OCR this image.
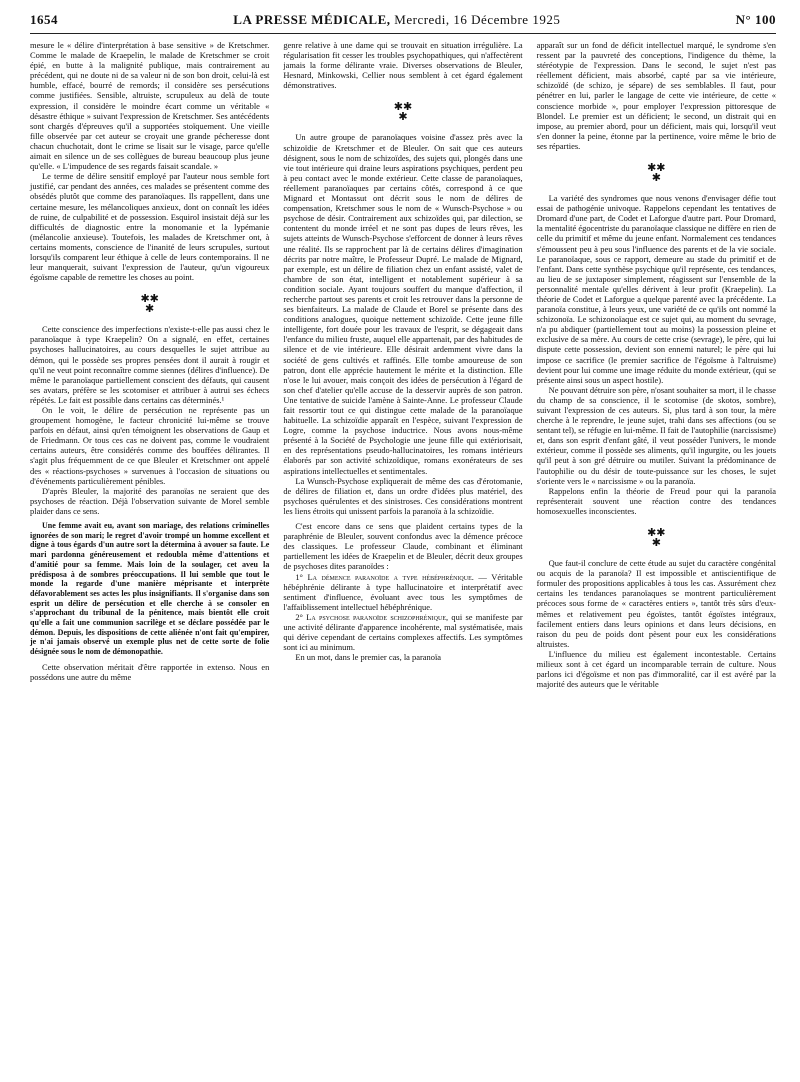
1654	LA PRESSE MÉDICALE, Mercredi, 16 Décembre 1925	N° 100

mesure le « délire d'interprétation à base sensitive » de Kretschmer. Comme le malade de Kraepelin, le malade de Kretschmer se croit épié, en butte à la malignité publique, mais contrairement au précédent, qui ne doute ni de sa valeur ni de son bon droit, celui-là est humble, effacé, bourré de remords; il considère ses persécutions comme justifiées. Sensible, altruiste, scrupuleux au delà de toute expression, il considère le moindre écart comme un véritable « désastre éthique » suivant l'expression de Kretschmer. Ses antécédents sont chargés d'épreuves qu'il a supportées stoïquement. Une vieille fille observée par cet auteur se croyait une grande pécheresse dont chacun chuchotait, dont le crime se lisait sur le visage, parce qu'elle aimait en silence un de ses collègues de bureau beaucoup plus jeune qu'elle. « L'impudence de ses regards faisait scandale. »

Le terme de délire sensitif employé par l'auteur nous semble fort justifié, car pendant des années, ces malades se présentent comme des obsédés plutôt que comme des paranoïaques. Ils rappellent, dans une certaine mesure, les mélancoliques anxieux, dont on connaît les idées de ruine, de culpabilité et de possession. Esquirol insistait déjà sur les difficultés de diagnostic entre la monomanie et la lypémanie (mélancolie anxieuse). Toutefois, les malades de Kretschmer ont, à certains moments, conscience de l'inanité de leurs scrupules, surtout lorsqu'ils comparent leur éthique à celle de leurs contemporains. Il ne leur manquerait, suivant l'expression de l'auteur, qu'un vigoureux égoïsme capable de remettre les choses au point.

✱✱
✱

Cette conscience des imperfections n'existe-t-elle pas aussi chez le paranoïaque à type Kraepelin? On a signalé, en effet, certaines psychoses hallucinatoires, au cours desquelles le sujet attribue au démon, qui le possède ses propres pensées dont il aurait à rougir et qu'il ne veut point reconnaître comme siennes (délires d'influence). De même le paranoïaque partiellement conscient des défauts, qui causent ses avatars, préfère se les scotomiser et attribuer à autrui ses échecs répétés. Le fait est possible dans certains cas déterminés.¹

On le voit, le délire de persécution ne représente pas un groupement homogène, le facteur chronicité lui-même se trouve parfois en défaut, ainsi qu'en témoignent les observations de Gaup et de Friedmann. Or tous ces cas ne doivent pas, comme le voudraient certains auteurs, être considérés comme des bouffées délirantes. Il s'agit plus fréquemment de ce que Bleuler et Kretschmer ont appelé des « réactions-psychoses » survenues à l'occasion de situations ou d'événements particulièrement pénibles.

D'après Bleuler, la majorité des paranoïas ne seraient que des psychoses de réaction. Déjà l'observation suivante de Morel semble plaider dans ce sens.

Une femme avait eu, avant son mariage, des relations criminelles ignorées de son mari; le regret d'avoir trompé un homme excellent et digne à tous égards d'un autre sort la détermina à avouer sa faute. Le mari pardonna généreusement et redoubla même d'attentions et d'amitié pour sa femme. Mais loin de la soulager, cet aveu la prédisposa à de sombres préoccupations. Il lui semble que tout le monde la regarde d'une manière méprisante et interprète défavorablement ses actes les plus insignifiants. Il s'organise dans son esprit un délire de persécution et elle cherche à se consoler en s'approchant du tribunal de la pénitence, mais bientôt elle croit qu'elle a fait une communion sacrilège et se déclare possédée par le démon. Depuis, les dispositions de cette aliénée n'ont fait qu'empirer, je n'ai jamais observé un exemple plus net de cette sorte de folie désignée sous le nom de démonopathie.

Cette observation méritait d'être rapportée in extenso. Nous en possédons une autre du même

genre relative à une dame qui se trouvait en situation irrégulière. La régularisation fit cesser les troubles psychopathiques, qui n'affectèrent jamais la forme délirante vraie. Diverses observations de Bleuler, Hesnard, Minkowski, Cellier nous semblent à cet égard également démonstratives.

✱✱
✱

Un autre groupe de paranoïaques voisine d'assez près avec la schizoïdie de Kretschmer et de Bleuler. On sait que ces auteurs désignent, sous le nom de schizoïdes, des sujets qui, plongés dans une vie tout intérieure qui draine leurs aspirations psychiques, perdent peu à peu contact avec le monde extérieur. Cette classe de paranoïaques, réellement paranoïaques par certains côtés, correspond à ce que Mignard et Montassut ont décrit sous le nom de délires de compensation, Kretschmer sous le nom de « Wunsch-Psychose » ou psychose de désir. Contrairement aux schizoïdes qui, par dilection, se contentent du monde irréel et ne sont pas dupes de leurs rêves, les sujets atteints de Wunsch-Psychose s'efforcent de donner à leurs rêves une réalité. Ils se rapprochent par là de certains délires d'imagination décrits par notre maître, le Professeur Dupré. Le malade de Mignard, par exemple, est un délire de filiation chez un enfant assisté, valet de chambre de son état, intelligent et notablement supérieur à sa condition sociale. Ayant toujours souffert du manque d'affection, il recherche partout ses parents et croit les retrouver dans la personne de ses bienfaiteurs. La malade de Claude et Borel se présente dans des conditions analogues, quoique nettement schizoïde. Cette jeune fille intelligente, fort douée pour les travaux de l'esprit, se dégageait dans l'enfance du milieu fruste, auquel elle appartenait, par des habitudes de silence et de vie intérieure. Elle désirait ardemment vivre dans la société de gens cultivés et raffinés. Elle tombe amoureuse de son patron, dont elle apprécie hautement le mérite et la distinction. Elle n'ose le lui avouer, mais conçoit des idées de persécution à l'égard de son chef d'atelier qu'elle accuse de la desservir auprès de son patron. Une tentative de suicide l'amène à Sainte-Anne. Le professeur Claude fait ressortir tout ce qui distingue cette malade de la paranoïaque habituelle. La schizoïdie apparaît en l'espèce, suivant l'expression de Logre, comme la psychose inductrice. Nous avons nous-même présenté à la Société de Psychologie une jeune fille qui extériorisait, en des représentations pseudo-hallucinatoires, les romans intérieurs élaborés par son activité schizoïdique, romans exonérateurs de ses aspirations intellectuelles et sentimentales.

La Wunsch-Psychose expliquerait de même des cas d'érotomanie, de délires de filiation et, dans un ordre d'idées plus matériel, des psychoses quérulentes et des sinistroses. Ces considérations montrent les liens étroits qui unissent parfois la paranoïa à la schizoïdie.

C'est encore dans ce sens que plaident certains types de la paraphrénie de Bleuler, souvent confondus avec la démence précoce des classiques. Le professeur Claude, combinant et éliminant partiellement les idées de Kraepelin et de Bleuler, décrit deux groupes de psychoses dites paranoïdes :

1° La démence paranoïde a type hébéphrénique. — Véritable hébéphrénie délirante à type hallucinatoire et interprétatif avec sentiment d'influence, évoluant avec tous les symptômes de l'affaiblissement intellectuel hébéphrénique.

2° La psychose paranoïde schizophrénique, qui se manifeste par une activité délirante d'apparence incohérente, mal systématisée, mais qui dérive cependant de certains complexes affectifs. Les symptômes sont ici au minimum.

En un mot, dans le premier cas, la paranoïa

apparaît sur un fond de déficit intellectuel marqué, le syndrome s'en ressent par la pauvreté des conceptions, l'indigence du thème, la stéréotypie de l'expression. Dans le second, le sujet n'est pas réellement déficient, mais absorbé, capté par sa vie intérieure, schizoïdé (de schizo, je sépare) de ses semblables. Il faut, pour pénétrer en lui, parler le langage de cette vie intérieure, de cette « conscience morbide », pour employer l'expression pittoresque de Blondel. Le premier est un déficient; le second, un distrait qui en impose, au premier abord, pour un déficient, mais qui, lorsqu'il veut s'en donner la peine, étonne par la pertinence, voire même le brio de ses réparties.

✱✱
✱

La variété des syndromes que nous venons d'envisager défie tout essai de pathogénie univoque. Rappelons cependant les tentatives de Dromard d'une part, de Codet et Laforgue d'autre part. Pour Dromard, la mentalité égocentriste du paranoïaque classique ne diffère en rien de celle du primitif et même du jeune enfant. Normalement ces tendances s'émoussent peu à peu sous l'influence des parents et de la vie sociale. Le paranoïaque, sous ce rapport, demeure au stade du primitif et de l'enfant. Dans cette synthèse psychique qu'il représente, ces tendances, au lieu de se juxtaposer simplement, réagissent sur l'ensemble de la personnalité mentale qu'elles dérivent à leur profit (Kraepelin). La théorie de Codet et Laforgue a quelque parenté avec la précédente. La paranoïa constitue, à leurs yeux, une variété de ce qu'ils ont nommé la schizonoïa. Le schizonoïaque est ce sujet qui, au moment du sevrage, n'a pu abdiquer (partiellement tout au moins) la possession pleine et exclusive de sa mère. Au cours de cette crise (sevrage), le père, qui lui dispute cette possession, devient son ennemi naturel; le père qui lui impose ce sacrifice (le premier sacrifice de l'égoïsme à l'altruisme) devient pour lui comme une image réduite du monde extérieur, (qui se présente ainsi sous un aspect hostile).

Ne pouvant détruire son père, n'osant souhaiter sa mort, il le chasse du champ de sa conscience, il le scotomise (de skotos, sombre), suivant l'expression de ces auteurs. Si, plus tard à son tour, la mère cherche à le reprendre, le jeune sujet, trahi dans ses affections (ou se sentant tel), se réfugie en lui-même. Il fait de l'autophilie (narcissisme) et, dans son esprit d'enfant gâté, il veut posséder l'univers, le monde extérieur, comme il possède ses aliments, qu'il ingurgite, ou les jouets qu'il peut à son gré détruire ou mutiler. Suivant la prédominance de l'autophilie ou du désir de toute-puissance sur les choses, le sujet s'oriente vers le « narcissisme » ou la paranoïa.

Rappelons enfin la théorie de Freud pour qui la paranoïa représenterait souvent une réaction contre des tendances homosexuelles inconscientes.

✱✱
✱

Que faut-il conclure de cette étude au sujet du caractère congénital ou acquis de la paranoïa? Il est impossible et antiscientifique de formuler des propositions applicables à tous les cas. Assurément chez certains les tendances paranoïaques se montrent particulièrement précoces sous forme de « caractères entiers », tantôt très sûrs d'eux-mêmes et relativement peu égoïstes, tantôt égoïstes intégraux, facilement entiers dans leurs opinions et dans leurs décisions, en raison du peu de poids dont pèsent pour eux les considérations altruistes.

L'influence du milieu est également incontestable. Certains milieux sont à cet égard un incomparable terrain de culture. Nous parlons ici d'égoïsme et non pas d'immoralité, car il est avéré par la majorité des auteurs que le véritable
